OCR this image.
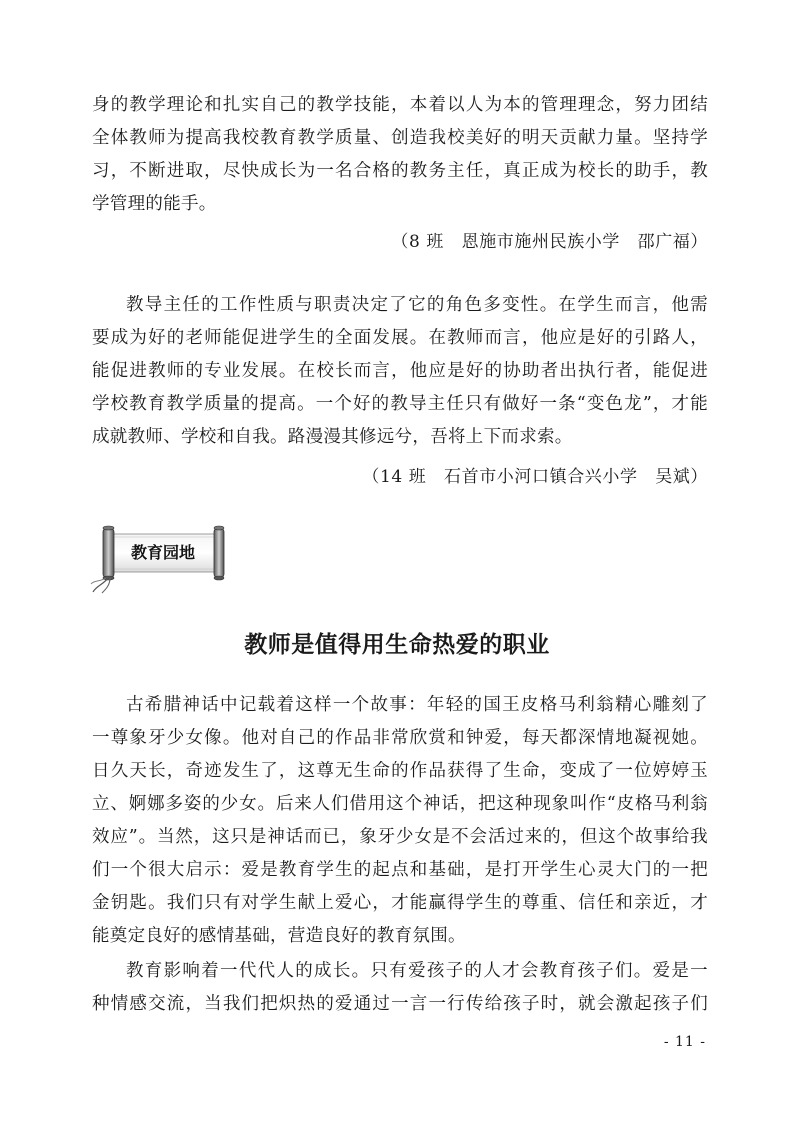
身的教学理论和扎实自己的教学技能，本着以人为本的管理理念，努力团结
全体教师为提高我校教育教学质量、创造我校美好的明天贡献力量。坚持学
习，不断进取，尽快成长为一名合格的教务主任，真正成为校长的助手，教
学管理的能手。
（8 班　恩施市施州民族小学　邵广福）
教导主任的工作性质与职责决定了它的角色多变性。在学生而言，他需
要成为好的老师能促进学生的全面发展。在教师而言，他应是好的引路人，
能促进教师的专业发展。在校长而言，他应是好的协助者出执行者，能促进
学校教育教学质量的提高。一个好的教导主任只有做好一条“变色龙”，才能
成就教师、学校和自我。路漫漫其修远兮，吾将上下而求索。
（14 班　石首市小河口镇合兴小学　吴斌）
教育园地
教师是值得用生命热爱的职业
古希腊神话中记载着这样一个故事：年轻的国王皮格马利翁精心雕刻了
一尊象牙少女像。他对自己的作品非常欣赏和钟爱，每天都深情地凝视她。
日久天长，奇迹发生了，这尊无生命的作品获得了生命，变成了一位婷婷玉
立、婀娜多姿的少女。后来人们借用这个神话，把这种现象叫作“皮格马利翁
效应”。当然，这只是神话而已，象牙少女是不会活过来的，但这个故事给我
们一个很大启示：爱是教育学生的起点和基础，是打开学生心灵大门的一把
金钥匙。我们只有对学生献上爱心，才能赢得学生的尊重、信任和亲近，才
能奠定良好的感情基础，营造良好的教育氛围。
教育影响着一代代人的成长。只有爱孩子的人才会教育孩子们。爱是一
种情感交流，当我们把炽热的爱通过一言一行传给孩子时，就会激起孩子们
- 11 -
